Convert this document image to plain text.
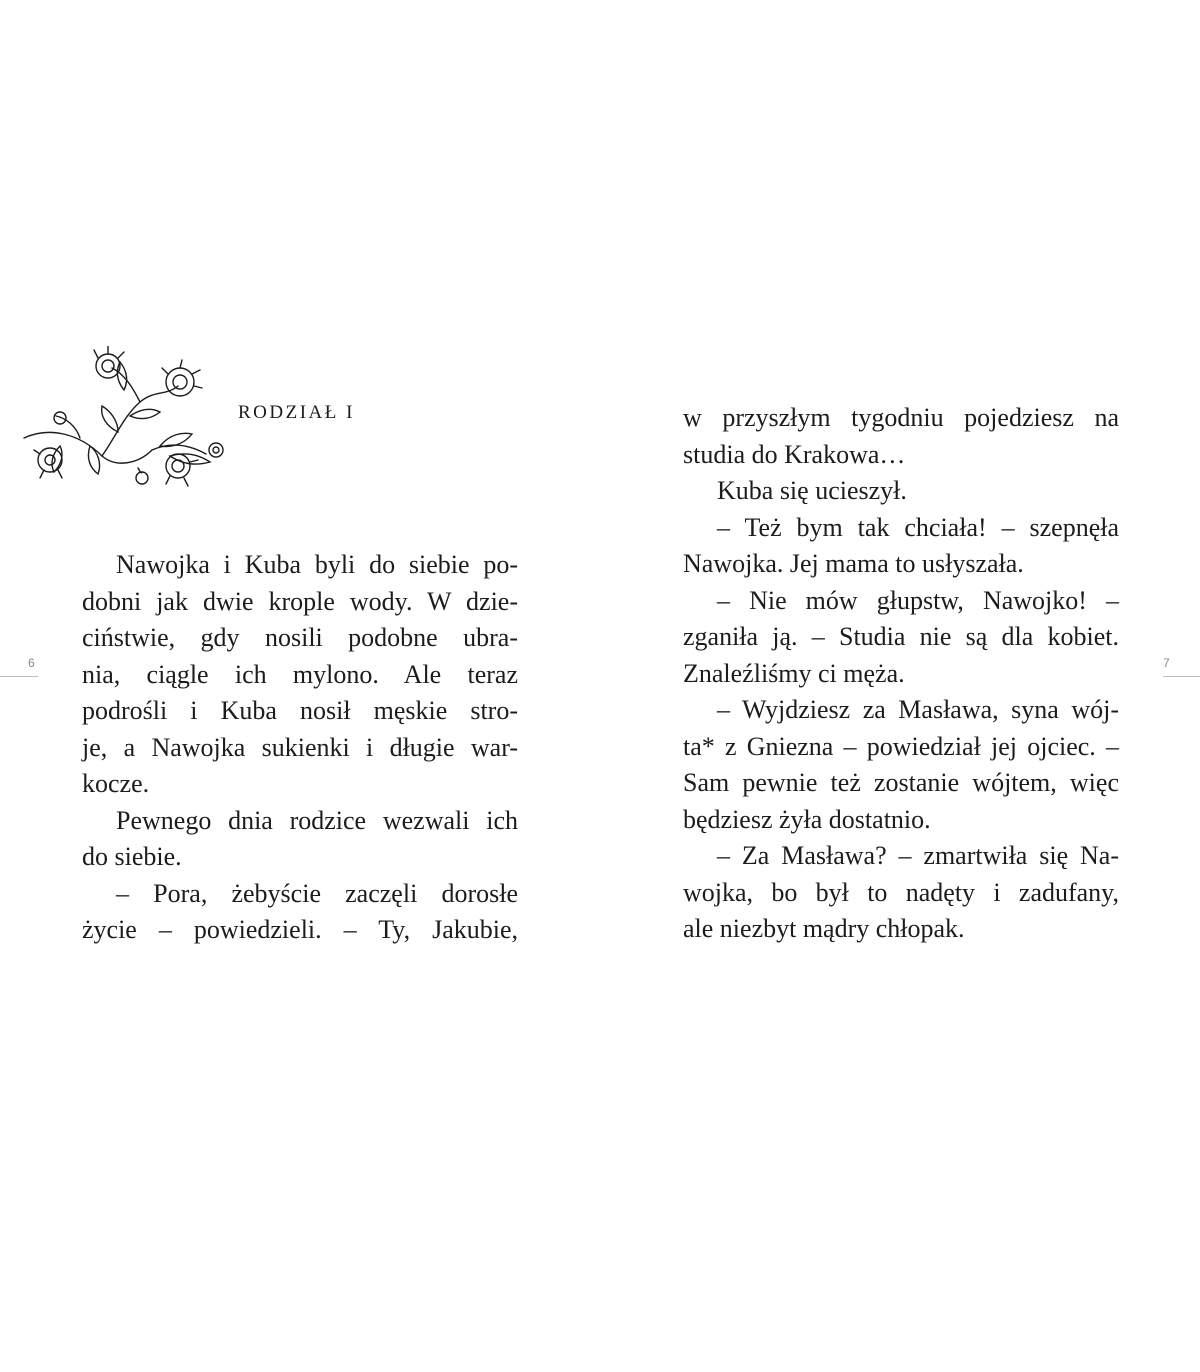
RODZIAŁ I
6	7
Nawojka i Kuba byli do siebie po-
dobni jak dwie krople wody. W dzie-
ciństwie, gdy nosili podobne ubra-
nia, ciągle ich mylono. Ale teraz
podrośli i Kuba nosił męskie stro-
je, a Nawojka sukienki i długie war-
kocze.
Pewnego dnia rodzice wezwali ich
do siebie.
– Pora, żebyście zaczęli dorosłe
życie – powiedzieli. – Ty, Jakubie,
w przyszłym tygodniu pojedziesz na
studia do Krakowa…
Kuba się ucieszył.
– Też bym tak chciała! – szepnęła
Nawojka. Jej mama to usłyszała.
– Nie mów głupstw, Nawojko! –
zganiła ją. – Studia nie są dla kobiet.
Znaleźliśmy ci męża.
– Wyjdziesz za Masława, syna wój-
ta* z Gniezna – powiedział jej ojciec. –
Sam pewnie też zostanie wójtem, więc
będziesz żyła dostatnio.
– Za Masława? – zmartwiła się Na-
wojka, bo był to nadęty i zadufany,
ale niezbyt mądry chłopak.
